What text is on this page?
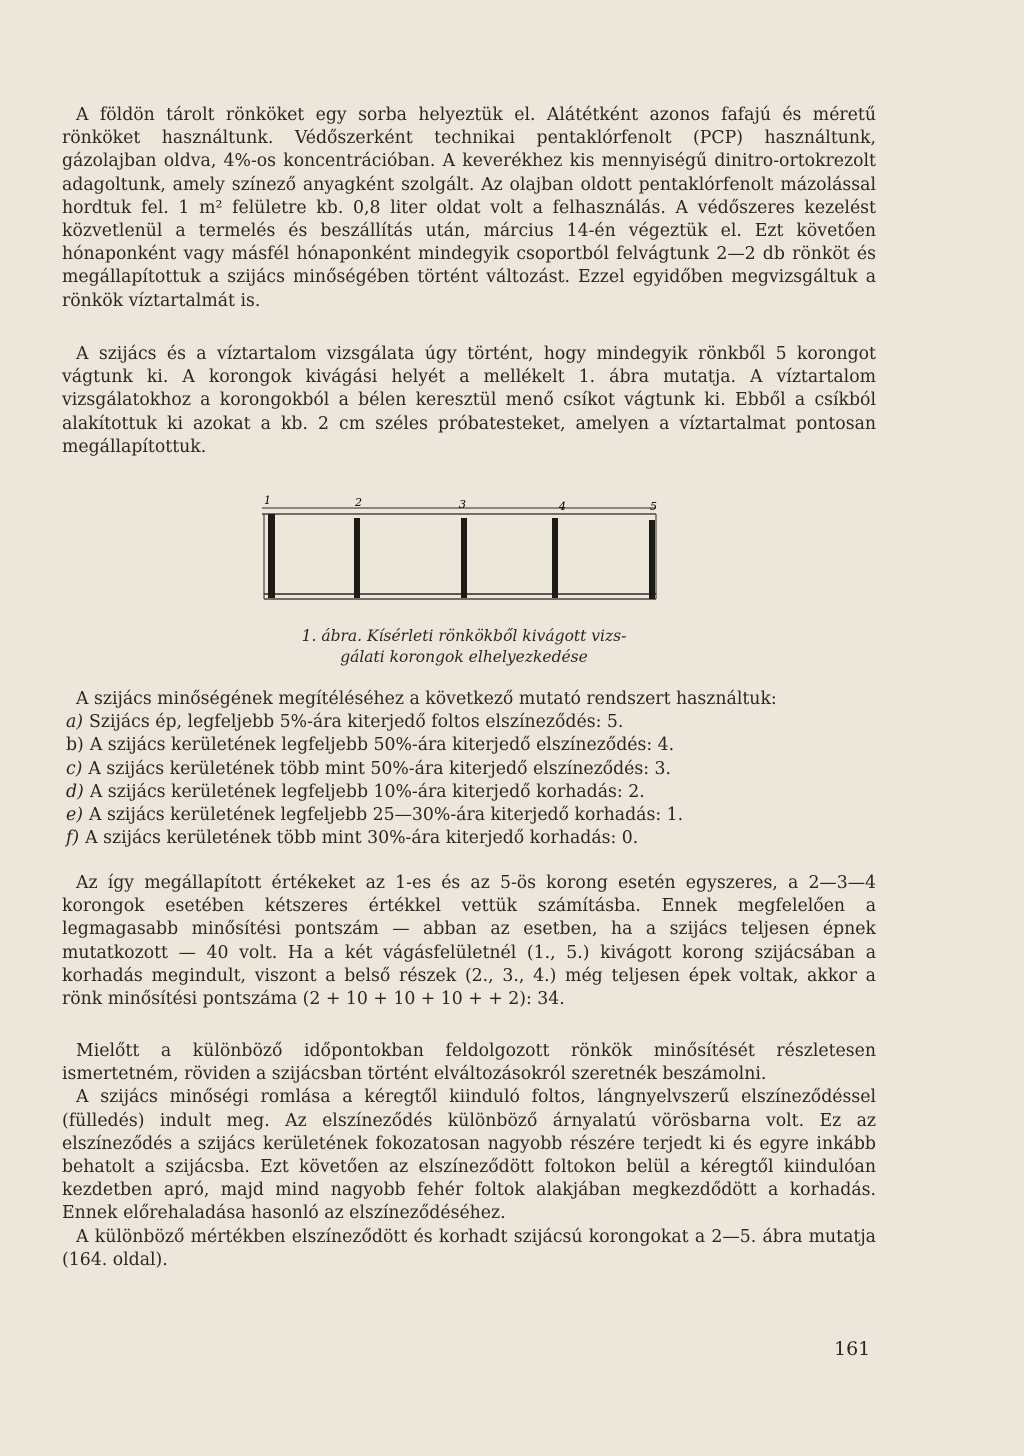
A földön tárolt rönköket egy sorba helyeztük el. Alátétként azonos fafajú és méretű rönköket használtunk. Védőszerként technikai pentaklórfenolt (PCP) használtunk, gázolajban oldva, 4%-os koncentrációban. A keverékhez kis mennyiségű dinitro-ortokrezolt adagoltunk, amely színező anyagként szolgált. Az olajban oldott pentaklórfenolt mázolással hordtuk fel. 1 m² felületre kb. 0,8 liter oldat volt a felhasználás. A védőszeres kezelést közvetlenül a termelés és beszállítás után, március 14-én végeztük el. Ezt követően hónaponként vagy másfél hónaponként mindegyik csoportból felvágtunk 2—2 db rönköt és megállapítottuk a szijács minőségében történt változást. Ezzel egyidőben megvizsgáltuk a rönkök víztartalmát is.

A szijács és a víztartalom vizsgálata úgy történt, hogy mindegyik rönkből 5 korongot vágtunk ki. A korongok kivágási helyét a mellékelt 1. ábra mutatja. A víztartalom vizsgálatokhoz a korongokból a bélen keresztül menő csíkot vágtunk ki. Ebből a csíkból alakítottuk ki azokat a kb. 2 cm széles próbatesteket, amelyen a víztartalmat pontosan megállapítottuk.

1	2	3	4	5
1. ábra. Kísérleti rönkökből kivágott vizs-
gálati korongok elhelyezkedése

A szijács minőségének megítéléséhez a következő mutató rendszert használtuk:

a) Szijács ép, legfeljebb 5%-ára kiterjedő foltos elszíneződés: 5.
b) A szijács kerületének legfeljebb 50%-ára kiterjedő elszíneződés: 4.
c) A szijács kerületének több mint 50%-ára kiterjedő elszíneződés: 3.
d) A szijács kerületének legfeljebb 10%-ára kiterjedő korhadás: 2.
e) A szijács kerületének legfeljebb 25—30%-ára kiterjedő korhadás: 1.
f) A szijács kerületének több mint 30%-ára kiterjedő korhadás: 0.

Az így megállapított értékeket az 1-es és az 5-ös korong esetén egyszeres, a 2—3—4 korongok esetében kétszeres értékkel vettük számításba. Ennek megfelelően a legmagasabb minősítési pontszám — abban az esetben, ha a szijács teljesen épnek mutatkozott — 40 volt. Ha a két vágásfelületnél (1., 5.) kivágott korong szijácsában a korhadás megindult, viszont a belső részek (2., 3., 4.) még teljesen épek voltak, akkor a rönk minősítési pontszáma (2 + 10 + 10 + 10 + + 2): 34.

Mielőtt a különböző időpontokban feldolgozott rönkök minősítését részletesen ismertetném, röviden a szijácsban történt elváltozásokról szeretnék beszámolni.

A szijács minőségi romlása a kéregtől kiinduló foltos, lángnyelvszerű elszíneződéssel (fülledés) indult meg. Az elszíneződés különböző árnyalatú vörösbarna volt. Ez az elszíneződés a szijács kerületének fokozatosan nagyobb részére terjedt ki és egyre inkább behatolt a szijácsba. Ezt követően az elszíneződött foltokon belül a kéregtől kiindulóan kezdetben apró, majd mind nagyobb fehér foltok alakjában megkezdődött a korhadás. Ennek előrehaladása hasonló az elszíneződéséhez.

A különböző mértékben elszíneződött és korhadt szijácsú korongokat a 2—5. ábra mutatja (164. oldal).

161
